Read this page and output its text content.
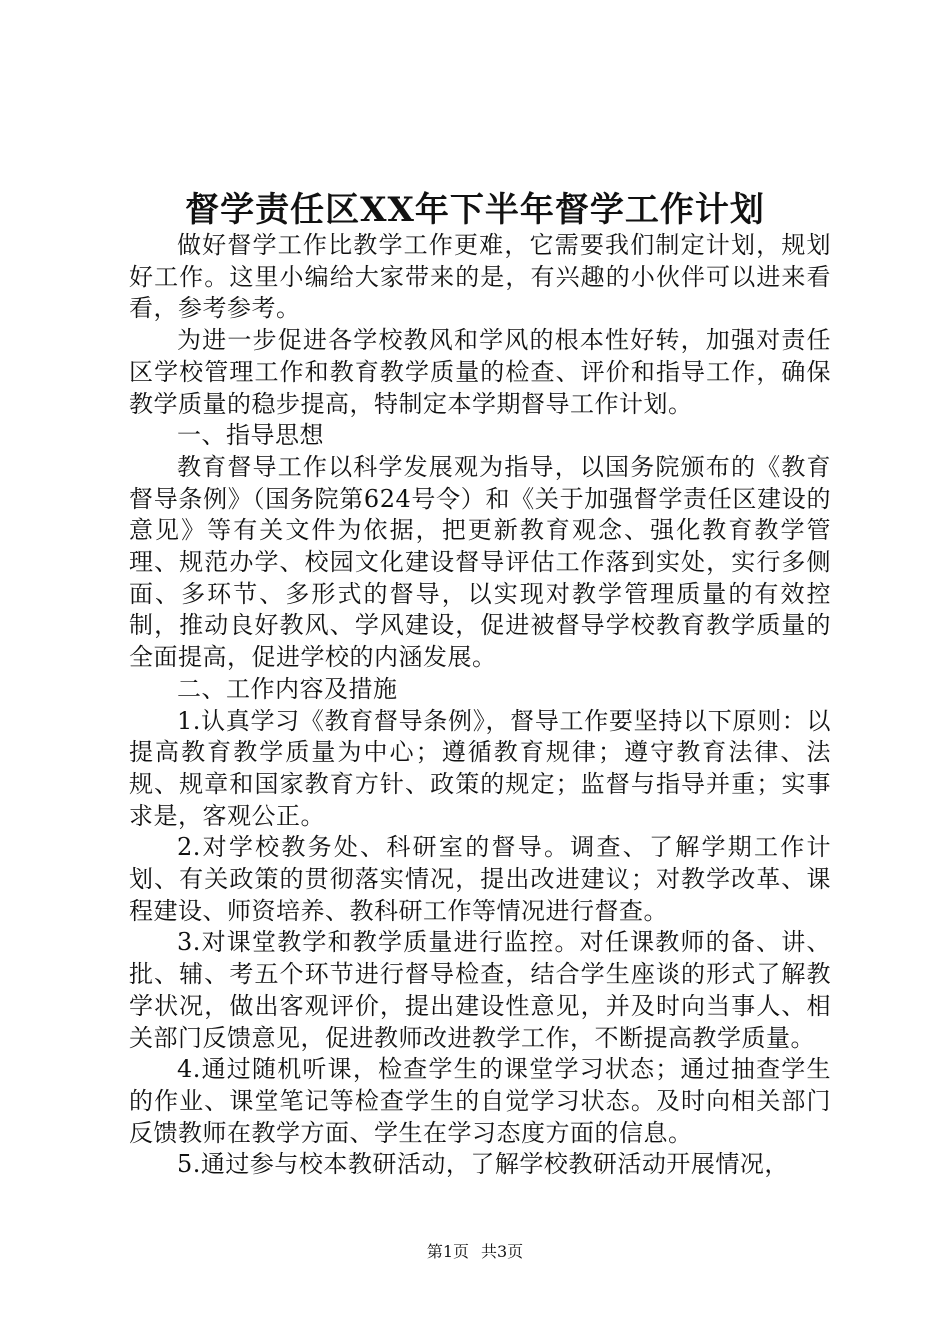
督学责任区XX年下半年督学工作计划

做好督学工作比教学工作更难，它需要我们制定计划，规划好工作。这里小编给大家带来的是，有兴趣的小伙伴可以进来看看，参考参考。

为进一步促进各学校教风和学风的根本性好转，加强对责任区学校管理工作和教育教学质量的检查、评价和指导工作，确保教学质量的稳步提高，特制定本学期督导工作计划。

一、指导思想

教育督导工作以科学发展观为指导，以国务院颁布的《教育督导条例》（国务院第624号令）和《关于加强督学责任区建设的意见》等有关文件为依据，把更新教育观念、强化教育教学管理、规范办学、校园文化建设督导评估工作落到实处，实行多侧面、多环节、多形式的督导，以实现对教学管理质量的有效控制，推动良好教风、学风建设，促进被督导学校教育教学质量的全面提高，促进学校的内涵发展。

二、工作内容及措施

1.认真学习《教育督导条例》，督导工作要坚持以下原则：以提高教育教学质量为中心；遵循教育规律；遵守教育法律、法规、规章和国家教育方针、政策的规定；监督与指导并重；实事求是，客观公正。

2.对学校教务处、科研室的督导。调查、了解学期工作计划、有关政策的贯彻落实情况，提出改进建议；对教学改革、课程建设、师资培养、教科研工作等情况进行督查。

3.对课堂教学和教学质量进行监控。对任课教师的备、讲、批、辅、考五个环节进行督导检查，结合学生座谈的形式了解教学状况，做出客观评价，提出建设性意见，并及时向当事人、相关部门反馈意见，促进教师改进教学工作，不断提高教学质量。

4.通过随机听课，检查学生的课堂学习状态；通过抽查学生的作业、课堂笔记等检查学生的自觉学习状态。及时向相关部门反馈教师在教学方面、学生在学习态度方面的信息。

5.通过参与校本教研活动，了解学校教研活动开展情况，

第1页 共3页
